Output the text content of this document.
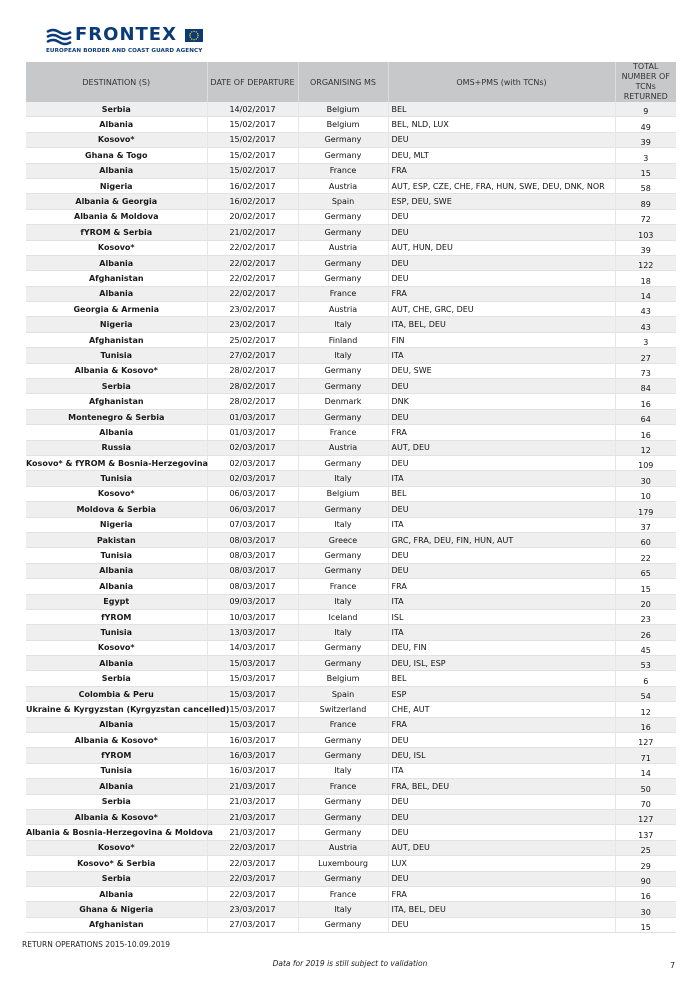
FRONTEX
EUROPEAN BORDER AND COAST GUARD AGENCY
DESTINATION (S)	DATE OF DEPARTURE	ORGANISING MS	OMS+PMS (with TCNs)	TOTAL NUMBER OF TCNs RETURNED
Serbia	14/02/2017	Belgium	BEL	9
Albania	15/02/2017	Belgium	BEL, NLD, LUX	49
Kosovo*	15/02/2017	Germany	DEU	39
Ghana & Togo	15/02/2017	Germany	DEU, MLT	3
Albania	15/02/2017	France	FRA	15
Nigeria	16/02/2017	Austria	AUT, ESP, CZE, CHE, FRA, HUN, SWE, DEU, DNK, NOR	58
Albania & Georgia	16/02/2017	Spain	ESP, DEU, SWE	89
Albania & Moldova	20/02/2017	Germany	DEU	72
fYROM & Serbia	21/02/2017	Germany	DEU	103
Kosovo*	22/02/2017	Austria	AUT, HUN, DEU	39
Albania	22/02/2017	Germany	DEU	122
Afghanistan	22/02/2017	Germany	DEU	18
Albania	22/02/2017	France	FRA	14
Georgia & Armenia	23/02/2017	Austria	AUT, CHE, GRC, DEU	43
Nigeria	23/02/2017	Italy	ITA, BEL, DEU	43
Afghanistan	25/02/2017	Finland	FIN	3
Tunisia	27/02/2017	Italy	ITA	27
Albania & Kosovo*	28/02/2017	Germany	DEU, SWE	73
Serbia	28/02/2017	Germany	DEU	84
Afghanistan	28/02/2017	Denmark	DNK	16
Montenegro & Serbia	01/03/2017	Germany	DEU	64
Albania	01/03/2017	France	FRA	16
Russia	02/03/2017	Austria	AUT, DEU	12
Kosovo* & fYROM & Bosnia-Herzegovina	02/03/2017	Germany	DEU	109
Tunisia	02/03/2017	Italy	ITA	30
Kosovo*	06/03/2017	Belgium	BEL	10
Moldova & Serbia	06/03/2017	Germany	DEU	179
Nigeria	07/03/2017	Italy	ITA	37
Pakistan	08/03/2017	Greece	GRC, FRA, DEU, FIN, HUN, AUT	60
Tunisia	08/03/2017	Germany	DEU	22
Albania	08/03/2017	Germany	DEU	65
Albania	08/03/2017	France	FRA	15
Egypt	09/03/2017	Italy	ITA	20
fYROM	10/03/2017	Iceland	ISL	23
Tunisia	13/03/2017	Italy	ITA	26
Kosovo*	14/03/2017	Germany	DEU, FIN	45
Albania	15/03/2017	Germany	DEU, ISL, ESP	53
Serbia	15/03/2017	Belgium	BEL	6
Colombia & Peru	15/03/2017	Spain	ESP	54
Ukraine & Kyrgyzstan (Kyrgyzstan cancelled)	15/03/2017	Switzerland	CHE, AUT	12
Albania	15/03/2017	France	FRA	16
Albania & Kosovo*	16/03/2017	Germany	DEU	127
fYROM	16/03/2017	Germany	DEU, ISL	71
Tunisia	16/03/2017	Italy	ITA	14
Albania	21/03/2017	France	FRA, BEL, DEU	50
Serbia	21/03/2017	Germany	DEU	70
Albania & Kosovo*	21/03/2017	Germany	DEU	127
Albania & Bosnia-Herzegovina & Moldova	21/03/2017	Germany	DEU	137
Kosovo*	22/03/2017	Austria	AUT, DEU	25
Kosovo* & Serbia	22/03/2017	Luxembourg	LUX	29
Serbia	22/03/2017	Germany	DEU	90
Albania	22/03/2017	France	FRA	16
Ghana & Nigeria	23/03/2017	Italy	ITA, BEL, DEU	30
Afghanistan	27/03/2017	Germany	DEU	15
RETURN OPERATIONS 2015-10.09.2019
Data for 2019 is still subject to validation	7
